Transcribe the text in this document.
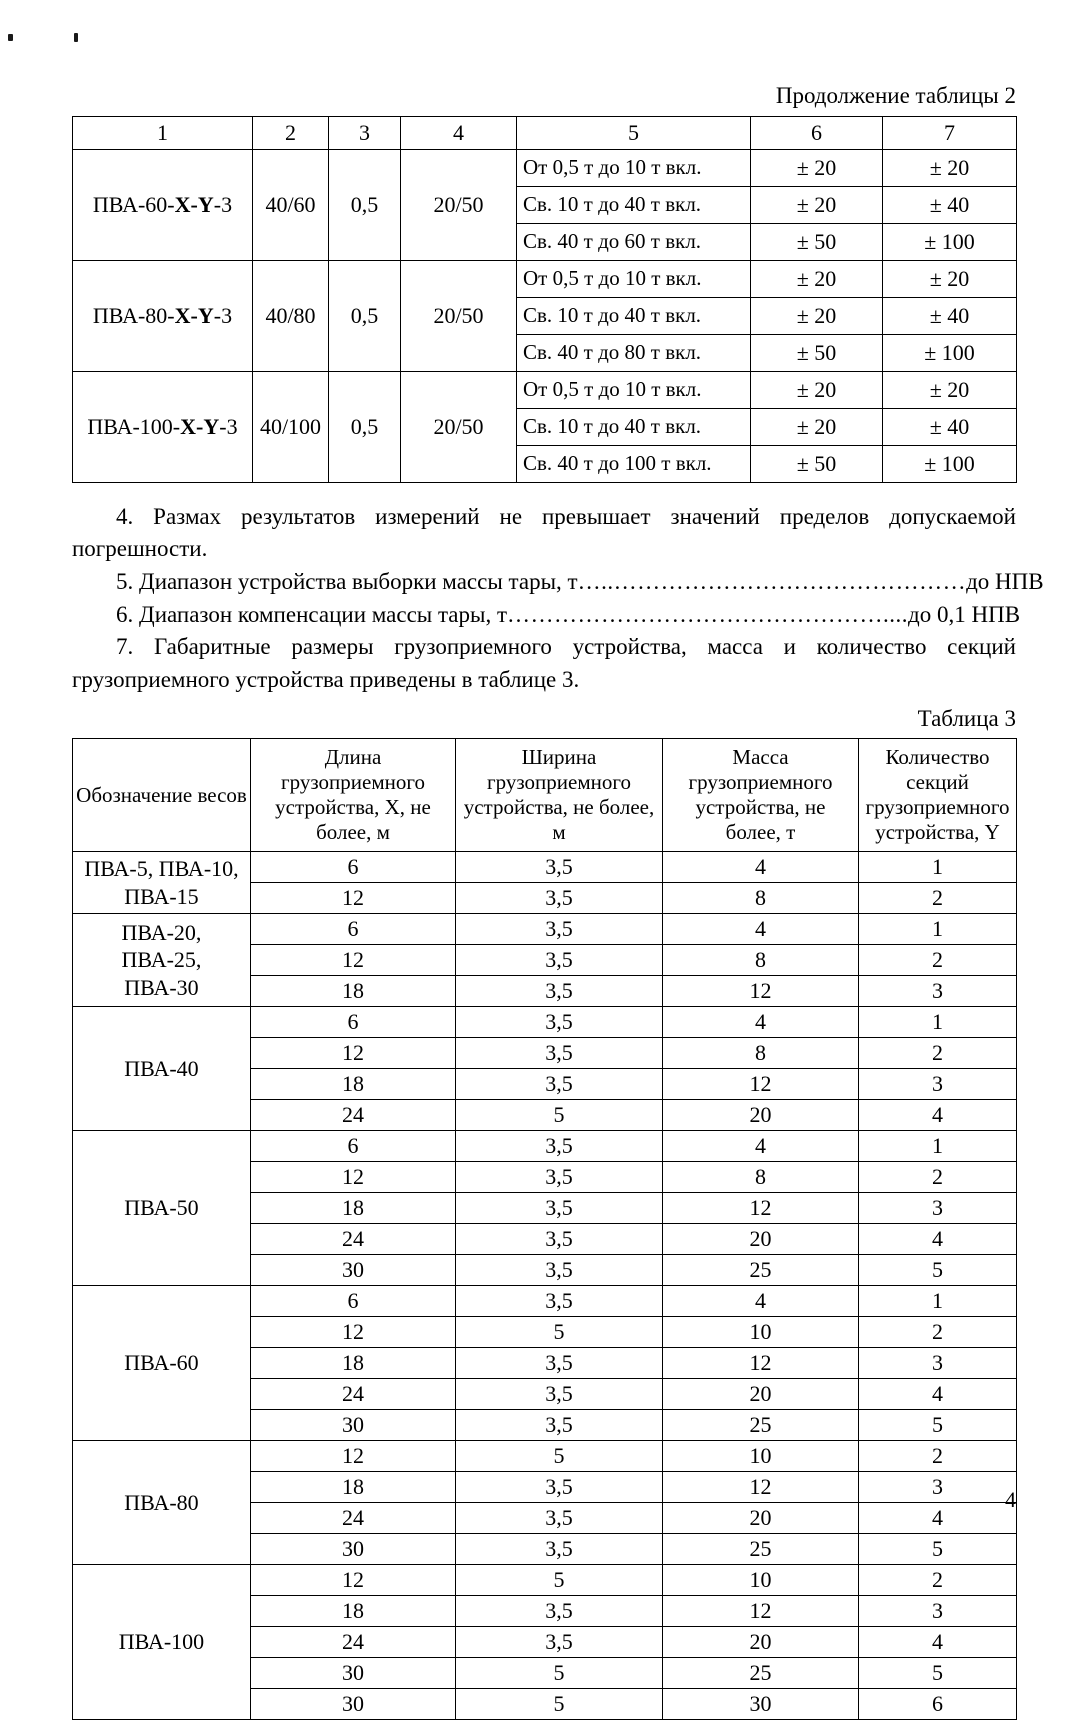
Продолжение таблицы 2
1	2	3	4	5	6	7
ПВА-60-X-Y-3	40/60	0,5	20/50	От 0,5 т до 10 т вкл.	± 20	± 20
				Св. 10 т до 40 т вкл.	± 20	± 40
				Св. 40 т до 60 т вкл.	± 50	± 100
ПВА-80-X-Y-3	40/80	0,5	20/50	От 0,5 т до 10 т вкл.	± 20	± 20
				Св. 10 т до 40 т вкл.	± 20	± 40
				Св. 40 т до 80 т вкл.	± 50	± 100
ПВА-100-X-Y-3	40/100	0,5	20/50	От 0,5 т до 10 т вкл.	± 20	± 20
				Св. 10 т до 40 т вкл.	± 20	± 40
				Св. 40 т до 100 т вкл.	± 50	± 100

4. Размах результатов измерений не превышает значений пределов допускаемой погрешности.

5. Диапазон устройства выборки массы тары, т…..………………………………………до НПВ

6. Диапазон компенсации массы тары, т…………………………………………....до 0,1 НПВ

7. Габаритные размеры грузоприемного устройства, масса и количество секций грузоприемного устройства приведены в таблице 3.

Таблица 3
Обозначение весов	Длина грузоприемного устройства, X, не более, м	Ширина грузоприемного устройства, не более, м	Масса грузоприемного устройства, не более, т	Количество секций грузоприемного устройства, Y

ПВА-5, ПВА-10,
ПВА-15	6	3,5	4	1
	12	3,5	8	2

ПВА-20,
ПВА-25,
ПВА-30	6	3,5	4	1
	12	3,5	8	2
	18	3,5	12	3

ПВА-40	6	3,5	4	1
	12	3,5	8	2
	18	3,5	12	3
	24	5	20	4

ПВА-50	6	3,5	4	1
	12	3,5	8	2
	18	3,5	12	3
	24	3,5	20	4
	30	3,5	25	5

ПВА-60	6	3,5	4	1
	12	5	10	2
	18	3,5	12	3
	24	3,5	20	4
	30	3,5	25	5

ПВА-80	12	5	10	2
	18	3,5	12	3
	24	3,5	20	4
	30	3,5	25	5

ПВА-100	12	5	10	2
	18	3,5	12	3
	24	3,5	20	4
	30	5	25	5
	30	5	30	6
4
